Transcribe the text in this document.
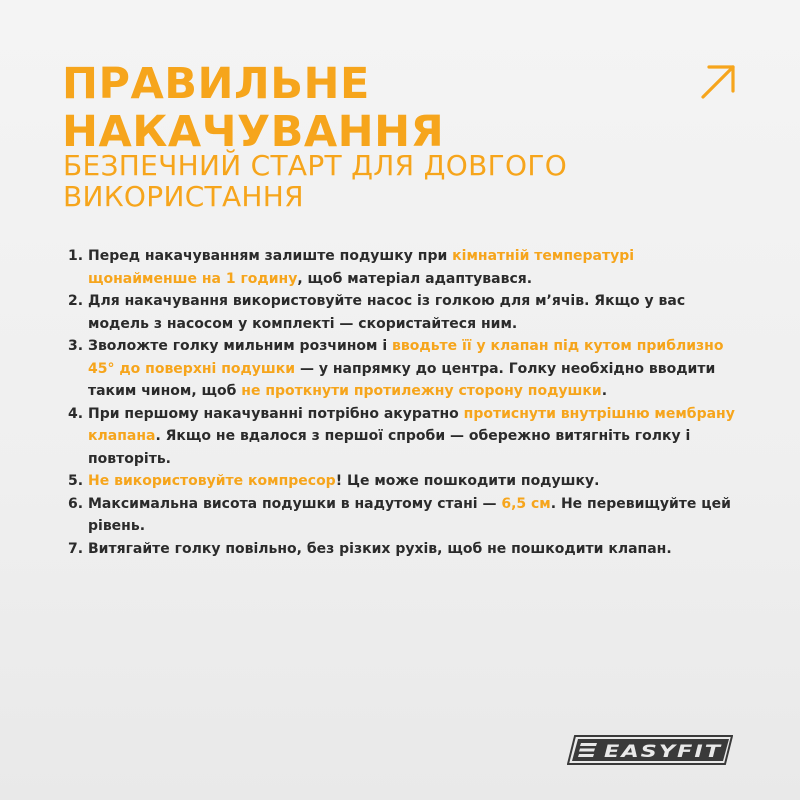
ПРАВИЛЬНЕ
НАКАЧУВАННЯ
БЕЗПЕЧНИЙ СТАРТ ДЛЯ ДОВГОГО
ВИКОРИСТАННЯ
1. Перед накачуванням залиште подушку при кімнатній температурі щонайменше на 1 годину, щоб матеріал адаптувався.
2. Для накачування використовуйте насос із голкою для м’ячів. Якщо у вас модель з насосом у комплекті — скористайтеся ним.
3. Зволожте голку мильним розчином і вводьте її у клапан під кутом приблизно 45° до поверхні подушки — у напрямку до центра. Голку необхідно вводити таким чином, щоб не проткнути протилежну сторону подушки.
4. При першому накачуванні потрібно акуратно протиснути внутрішню мембрану клапана. Якщо не вдалося з першої спроби — обережно витягніть голку і повторіть.
5. Не використовуйте компресор! Це може пошкодити подушку.
6. Максимальна висота подушки в надутому стані — 6,5 см. Не перевищуйте цей рівень.
7. Витягайте голку повільно, без різких рухів, щоб не пошкодити клапан.
EASYFIT
